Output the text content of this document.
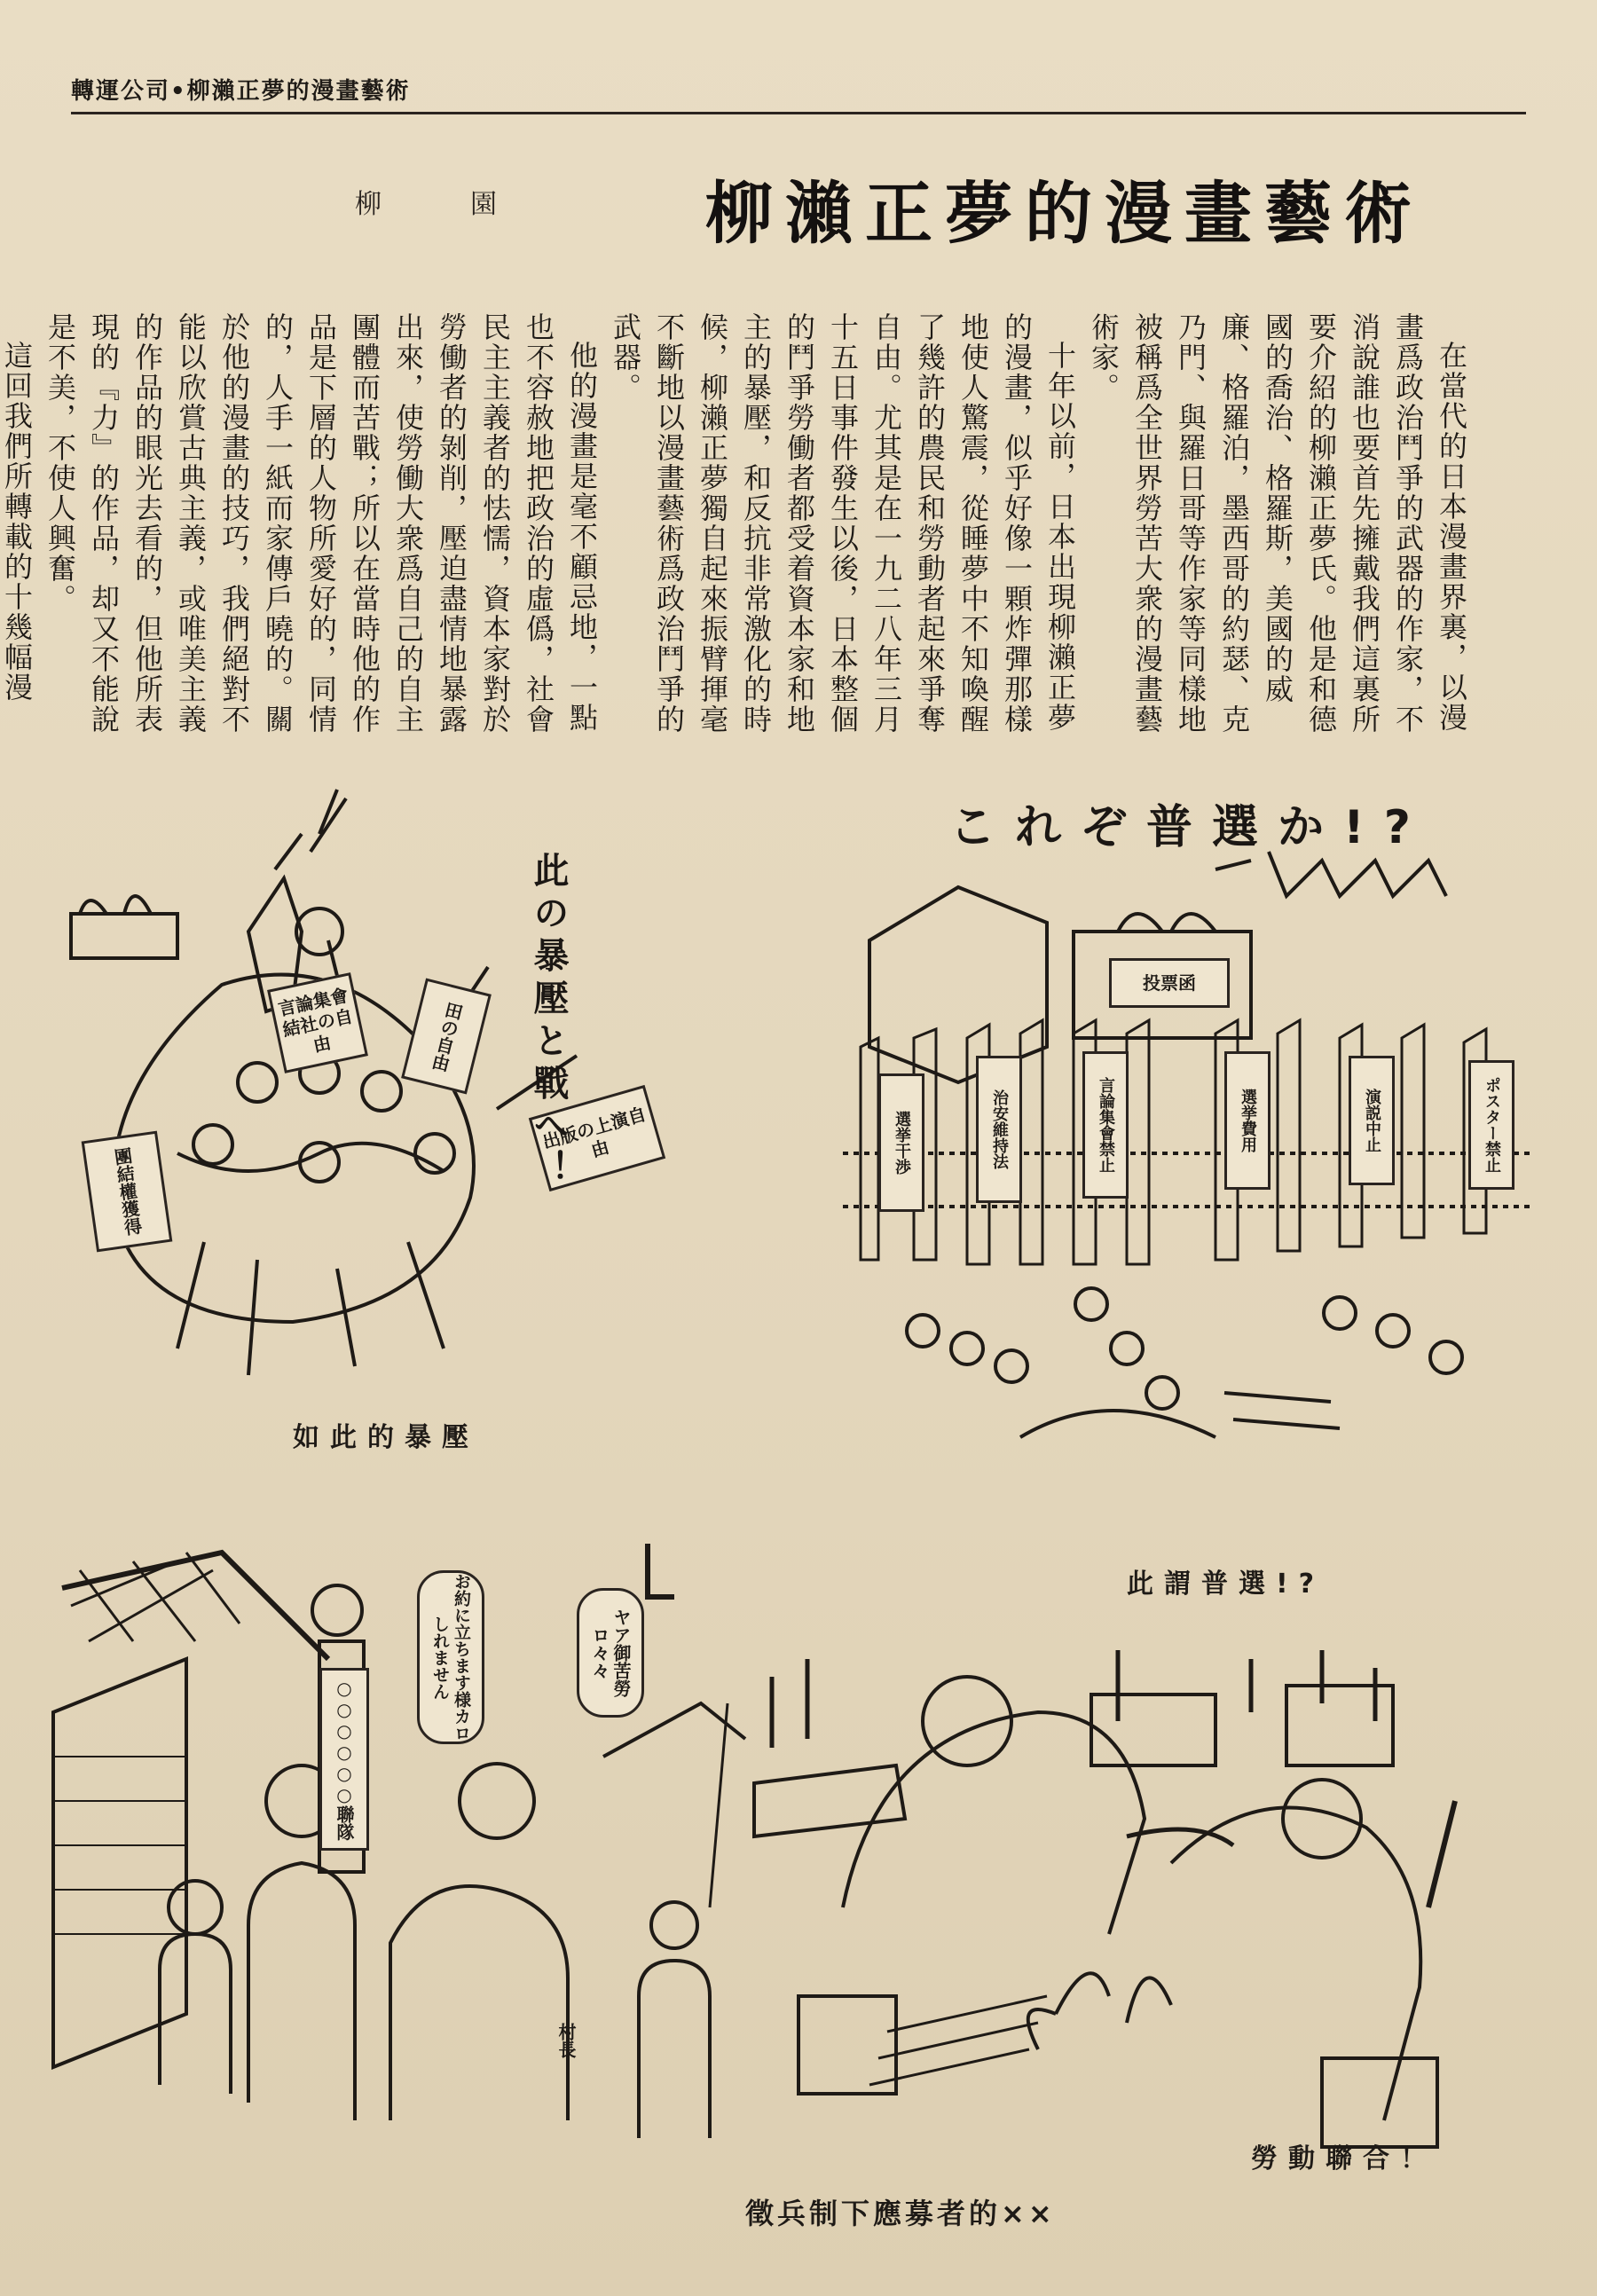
轉運公司•柳瀨正夢的漫畫藝術
柳瀨正夢的漫畫藝術
柳園

在當代的日本漫畫界裏，以漫畫爲政治鬥爭的武器的作家，不消說誰也要首先擁戴我們這裏所要介紹的柳瀨正夢氏。他是和德國的喬治、格羅斯，美國的威廉、格羅泊，墨西哥的約瑟、克乃門、與羅日哥等作家等同樣地被稱爲全世界勞苦大衆的漫畫藝術家。

十年以前，日本出現柳瀨正夢的漫畫，似乎好像一顆炸彈那樣地使人驚震，從睡夢中不知喚醒了幾許的農民和勞動者起來爭奪自由。尤其是在一九二八年三月十五日事件發生以後，日本整個的鬥爭勞働者都受着資本家和地主的暴壓，和反抗非常激化的時候，柳瀨正夢獨自起來振臂揮毫不斷地以漫畫藝術爲政治鬥爭的武器。

他的漫畫是毫不顧忌地，一點也不容赦地把政治的虛僞，社會民主主義者的怯懦，資本家對於勞働者的剝削，壓迫盡情地暴露出來，使勞働大衆爲自己的自主團體而苦戰；所以在當時他的作品是下層的人物所愛好的，同情的，人手一紙而家傳戶曉的。關於他的漫畫的技巧，我們絕對不能以欣賞古典主義，或唯美主義的作品的眼光去看的，但他所表現的『力』的作品，却又不能說是不美，不使人興奮。

這回我們所轉載的十幾幅漫

言論集會結社の自由	田の自由
出版の上演自由
團結權獲得	此の暴壓と戰へ！
如此的暴壓
投票函
選挙干渉	治安維持法	言論集會禁止	選挙費用	演説中止	ポスター禁止
これぞ普選か!?
此謂普選!?
○○○○○○聯隊
お約に立ちます様カロしれません	ヤア御苦勞ロ々々
村長
勞動聯合！
徵兵制下應募者的××
